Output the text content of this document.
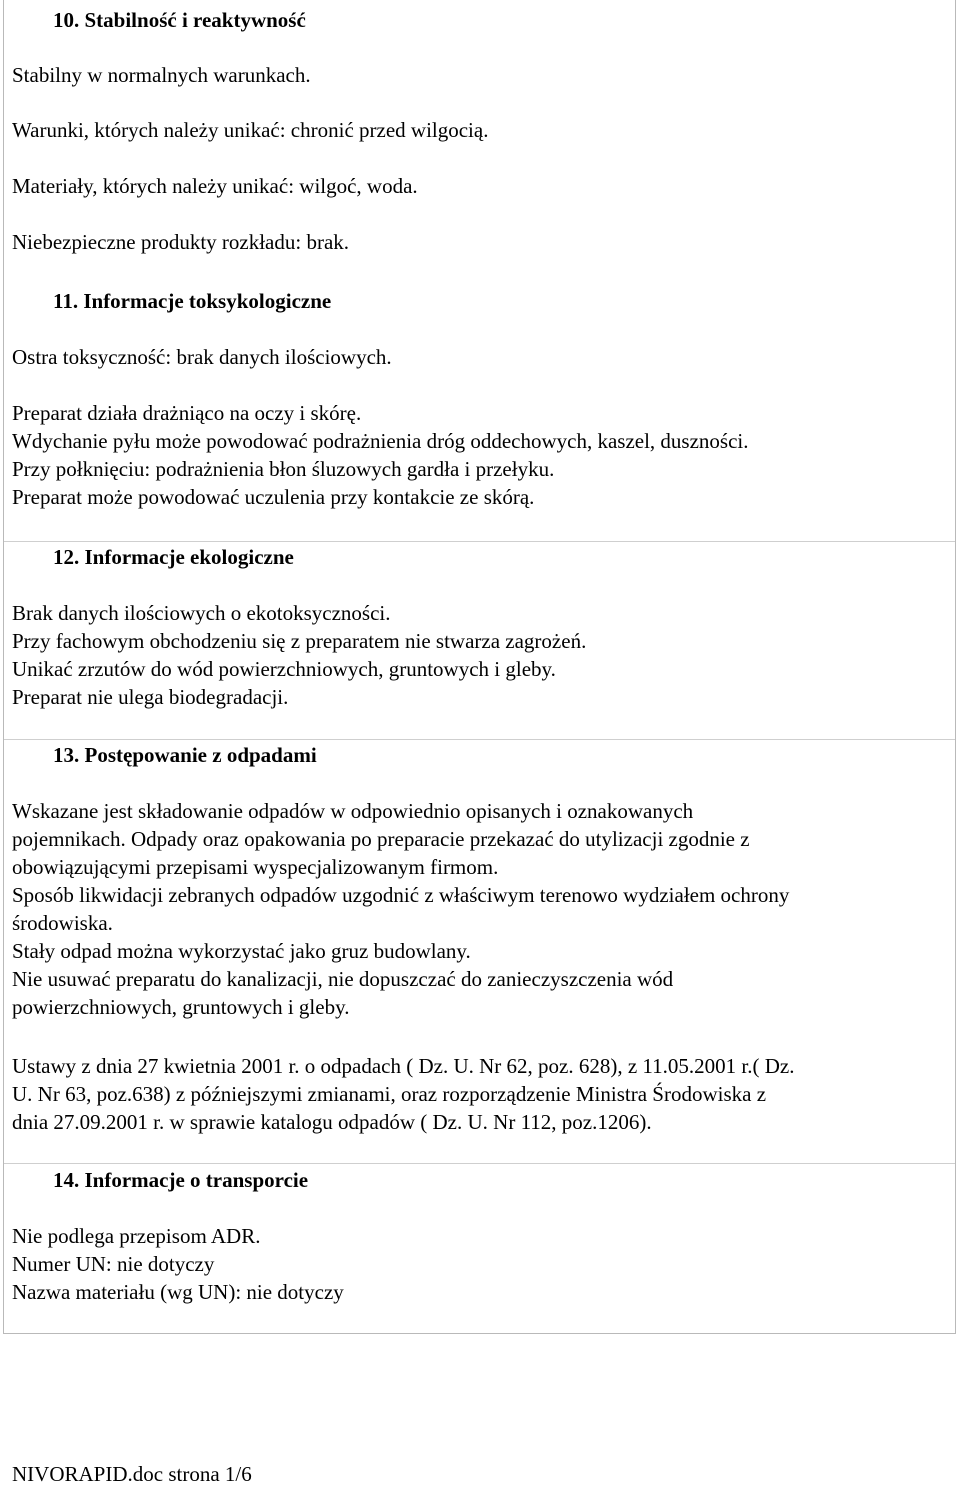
10. Stabilność i reaktywność

Stabilny w normalnych warunkach.

Warunki, których należy unikać: chronić przed wilgocią.

Materiały, których należy unikać: wilgoć, woda.

Niebezpieczne produkty rozkładu: brak.

11. Informacje toksykologiczne

Ostra toksyczność: brak danych ilościowych.

Preparat działa drażniąco na oczy i skórę.
Wdychanie pyłu może powodować podrażnienia dróg oddechowych, kaszel, duszności.
Przy połknięciu: podrażnienia błon śluzowych gardła i przełyku.
Preparat może powodować uczulenia przy kontakcie ze skórą.
12. Informacje ekologiczne
Brak danych ilościowych o ekotoksyczności.
Przy fachowym obchodzeniu się z preparatem nie stwarza zagrożeń.
Unikać zrzutów do wód powierzchniowych, gruntowych i gleby.
Preparat nie ulega biodegradacji.
13. Postępowanie z odpadami
Wskazane jest składowanie odpadów w odpowiednio opisanych i oznakowanych
pojemnikach. Odpady oraz opakowania po preparacie przekazać do utylizacji zgodnie z
obowiązującymi przepisami wyspecjalizowanym firmom.
Sposób likwidacji zebranych odpadów uzgodnić z właściwym terenowo wydziałem ochrony
środowiska.
Stały odpad można wykorzystać jako gruz budowlany.
Nie usuwać preparatu do kanalizacji, nie dopuszczać do zanieczyszczenia wód
powierzchniowych, gruntowych i gleby.
Ustawy z dnia 27 kwietnia 2001 r. o odpadach ( Dz. U. Nr 62, poz. 628), z 11.05.2001 r.( Dz.
U. Nr 63, poz.638) z późniejszymi zmianami, oraz rozporządzenie Ministra Środowiska z
dnia 27.09.2001 r. w sprawie katalogu odpadów ( Dz. U. Nr 112, poz.1206).
14. Informacje o transporcie
Nie podlega przepisom ADR.
Numer UN: nie dotyczy
Nazwa materiału (wg UN): nie dotyczy

NIVORAPID.doc strona 1/6
